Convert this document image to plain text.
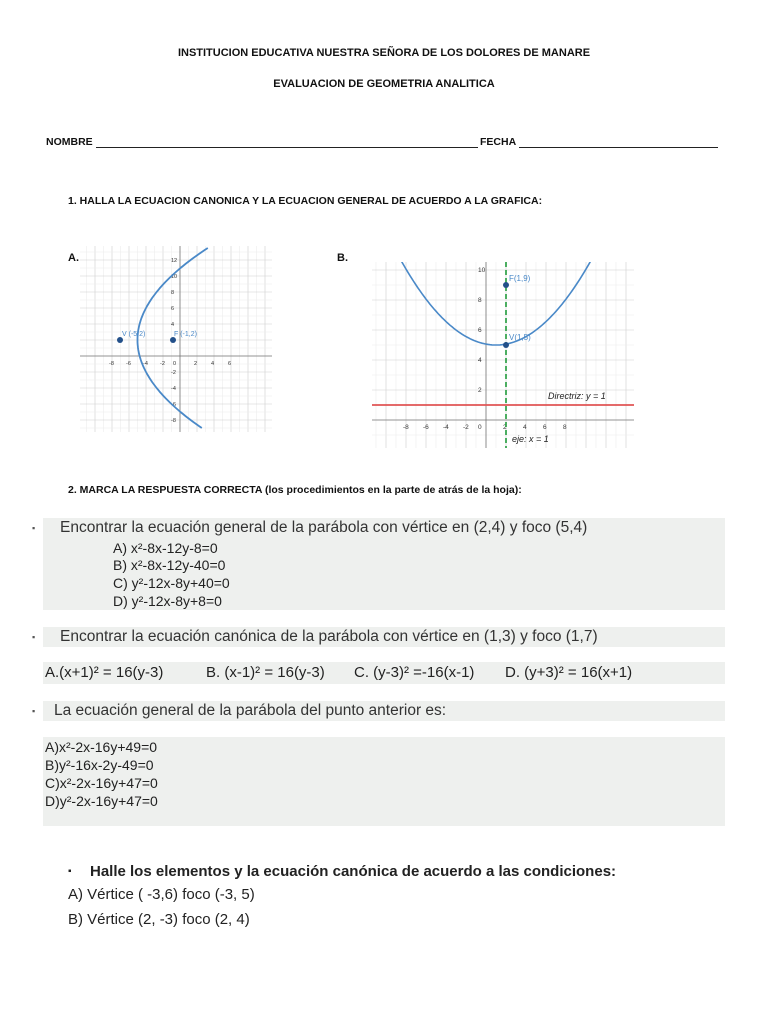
INSTITUCION EDUCATIVA NUESTRA SEÑORA DE LOS DOLORES DE MANARE
EVALUACION DE GEOMETRIA ANALITICA
NOMBRE	FECHA
1. HALLA LA ECUACION CANONICA Y LA ECUACION GENERAL DE ACUERDO A LA GRAFICA:
A.	B.
-8 -6 -4 -2 0	2	4	6
12
10
8
6
4
-2
-4
-6
-8
V (-5,2)	F (-1,2)
-8 -6 -4 -2 0	2	4	6	8
10
8
6
4
2
F(1,9)
V(1,5)
Directriz: y = 1
eje: x = 1
2. MARCA LA RESPUESTA CORRECTA (los procedimientos en la parte de atrás de la hoja):
▪ Encontrar la ecuación general de la parábola con vértice en (2,4) y foco (5,4)
A) x²-8x-12y-8=0
B) x²-8x-12y-40=0
C) y²-12x-8y+40=0
D) y²-12x-8y+8=0
▪ Encontrar la ecuación canónica de la parábola con vértice en (1,3) y foco (1,7)
A.(x+1)² = 16(y-3)	B. (x-1)² = 16(y-3) C. (y-3)² =-16(x-1) D. (y+3)² = 16(x+1)
▪ La ecuación general de la parábola del punto anterior es:
A)x²-2x-16y+49=0
B)y²-16x-2y-49=0
C)x²-2x-16y+47=0
D)y²-2x-16y+47=0
▪ Halle los elementos y la ecuación canónica de acuerdo a las condiciones:
A) Vértice ( -3,6) foco (-3, 5)
B) Vértice (2, -3) foco (2, 4)
